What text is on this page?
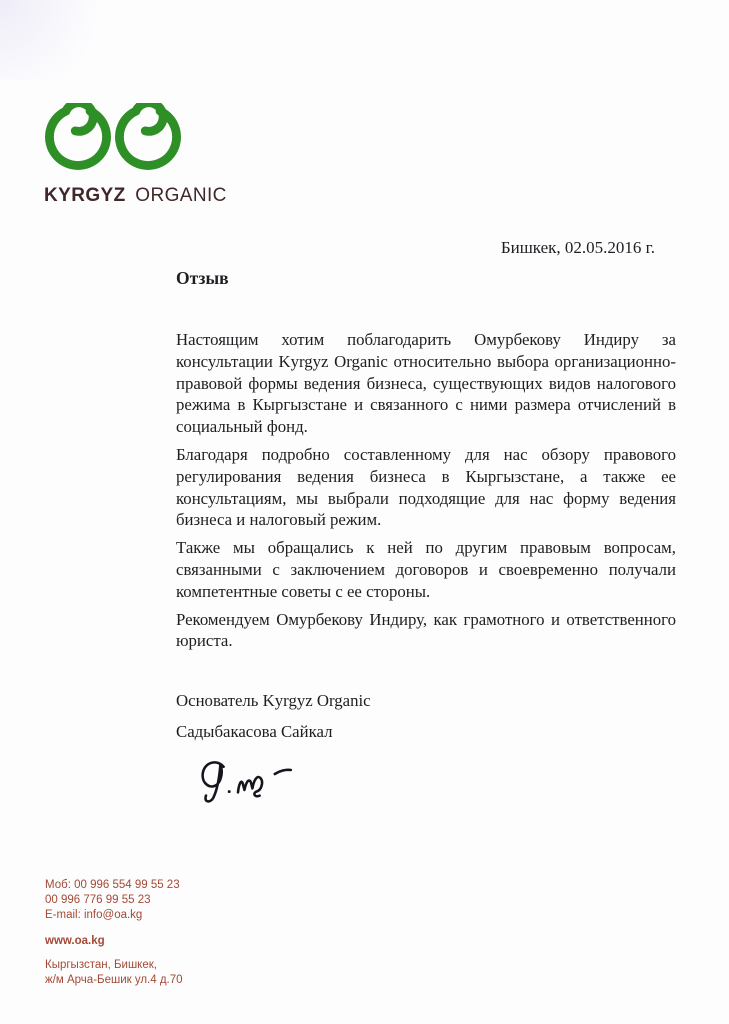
KYRGYZ ORGANIC
Бишкек, 02.05.2016 г.
Отзыв

Настоящим хотим поблагодарить Омурбекову Индиру за консультации Kyrgyz Organic относительно выбора организационно-правовой формы ведения бизнеса, существующих видов налогового режима в Кыргызстане и связанного с ними размера отчислений в социальный фонд.

Благодаря подробно составленному для нас обзору правового регулирования ведения бизнеса в Кыргызстане, а также ее консультациям, мы выбрали подходящие для нас форму ведения бизнеса и налоговый режим.

Также мы обращались к ней по другим правовым вопросам, связанными с заключением договоров и своевременно получали компетентные советы с ее стороны.

Рекомендуем Омурбекову Индиру, как грамотного и ответственного юриста.

Основатель Kyrgyz Organic
Садыбакасова Сайкал
Моб: 00 996 554 99 55 23
00 996 776 99 55 23
E-mail: info@oa.kg
www.oa.kg
Кыргызстан, Бишкек,
ж/м Арча-Бешик ул.4 д.70
